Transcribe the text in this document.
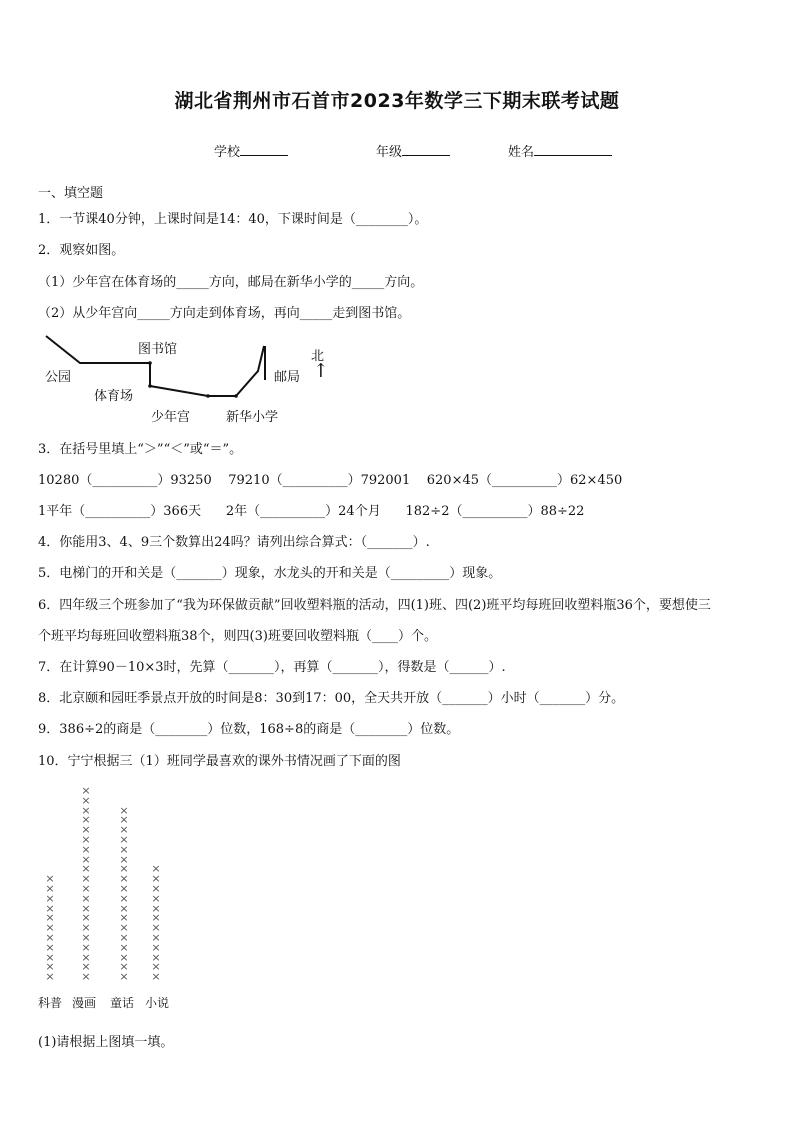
湖北省荆州市石首市2023年数学三下期末联考试题
学校	年级	姓名
一、填空题
1．一节课40分钟，上课时间是14：40，下课时间是（________）。
2．观察如图。
（1）少年宫在体育场的_____方向，邮局在新华小学的_____方向。
（2）从少年宫向_____方向走到体育场，再向_____走到图书馆。
图书馆	北
↑
公园	邮局
体育场
少年宫	新华小学
3．在括号里填上“＞”“＜”或“＝”。
10280（__________）93250    79210（__________）792001    620×45（__________）62×450
1平年（__________）366天      2年（__________）24个月      182÷2（__________）88÷22
4．你能用3、4、9三个数算出24吗？请列出综合算式：（_______）.
5．电梯门的开和关是（_______）现象，水龙头的开和关是（_________）现象。
6．四年级三个班参加了“我为环保做贡献”回收塑料瓶的活动，四(1)班、四(2)班平均每班回收塑料瓶36个，要想使三
个班平均每班回收塑料瓶38个，则四(3)班要回收塑料瓶（____）个。
7．在计算90－10×3时，先算（_______），再算（_______），得数是（______）.
8．北京颐和园旺季景点开放的时间是8：30到17：00，全天共开放（_______）小时（_______）分。
9．386÷2的商是（________）位数，168÷8的商是（________）位数。
10．宁宁根据三（1）班同学最喜欢的课外书情况画了下面的图
×
×
×
×
×
×
×
×
×
×
×
科普
×
×
×
×
×
×
×
×
×
×
×
×
×
×
×
×
×
×
×
×
漫画
×
×
×
×
×
×
×
×
×
×
×
×
×
×
×
×
×
×
童话
×
×
×
×
×
×
×
×
×
×
×
×
小说
(1)请根据上图填一填。
